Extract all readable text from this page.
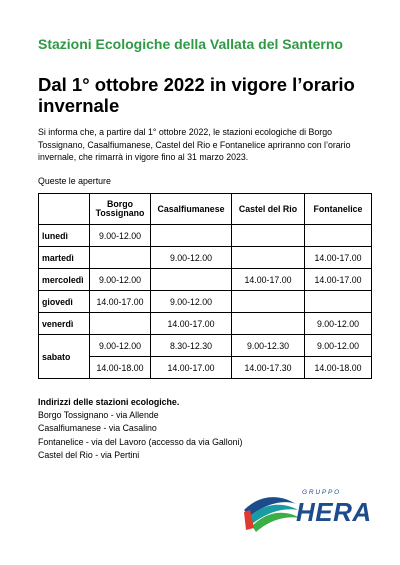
Stazioni Ecologiche della Vallata del Santerno
Dal 1° ottobre 2022 in vigore l’orario invernale

Si informa che, a partire dal 1° ottobre 2022, le stazioni ecologiche di Borgo Tossignano, Casalfiumanese, Castel del Rio e Fontanelice apriranno con l’orario invernale, che rimarrà in vigore fino al 31 marzo 2023.

Queste le aperture
	Borgo Tossignano	Casalfiumanese	Castel del Rio	Fontanelice
lunedì	9.00-12.00			
martedì		9.00-12.00		14.00-17.00
mercoledì	9.00-12.00		14.00-17.00	14.00-17.00
giovedì	14.00-17.00	9.00-12.00		
venerdì		14.00-17.00		9.00-12.00
sabato	9.00-12.00	8.30-12.30	9.00-12.30	9.00-12.00
	14.00-18.00	14.00-17.00	14.00-17.30	14.00-18.00
Indirizzi delle stazioni ecologiche.
Borgo Tossignano - via Allende
Casalfiumanese - via Casalino
Fontanelice - via del Lavoro (accesso da via Galloni)
Castel del Rio - via Pertini
GRUPPO
HERA
